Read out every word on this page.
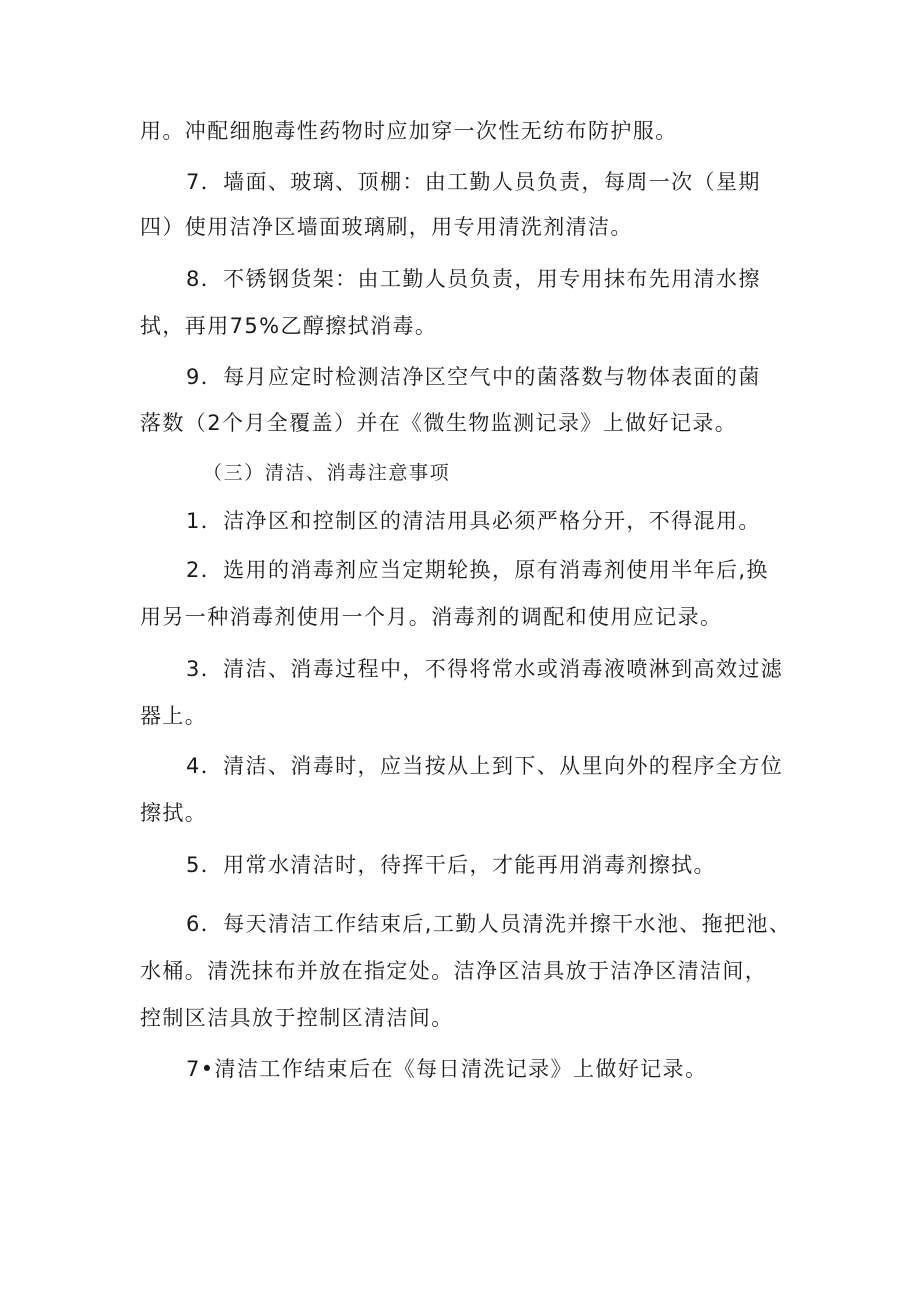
用。冲配细胞毒性药物时应加穿一次性无纺布防护服。
7．墙面、玻璃、顶棚：由工勤人员负责，每周一次（星期
四）使用洁净区墙面玻璃刷，用专用清洗剂清洁。
8．不锈钢货架：由工勤人员负责，用专用抹布先用清水擦
拭，再用75%乙醇擦拭消毒。
9．每月应定时检测洁净区空气中的菌落数与物体表面的菌
落数（2个月全覆盖）并在《微生物监测记录》上做好记录。
（三）清洁、消毒注意事项
1．洁净区和控制区的清洁用具必须严格分开，不得混用。
2．选用的消毒剂应当定期轮换，原有消毒剂使用半年后,换
用另一种消毒剂使用一个月。消毒剂的调配和使用应记录。
3．清洁、消毒过程中，不得将常水或消毒液喷淋到高效过滤
器上。
4．清洁、消毒时，应当按从上到下、从里向外的程序全方位
擦拭。
5．用常水清洁时，待挥干后，才能再用消毒剂擦拭。
6．每天清洁工作结束后,工勤人员清洗并擦干水池、拖把池、
水桶。清洗抹布并放在指定处。洁净区洁具放于洁净区清洁间，
控制区洁具放于控制区清洁间。
7•清洁工作结束后在《每日清洗记录》上做好记录。
